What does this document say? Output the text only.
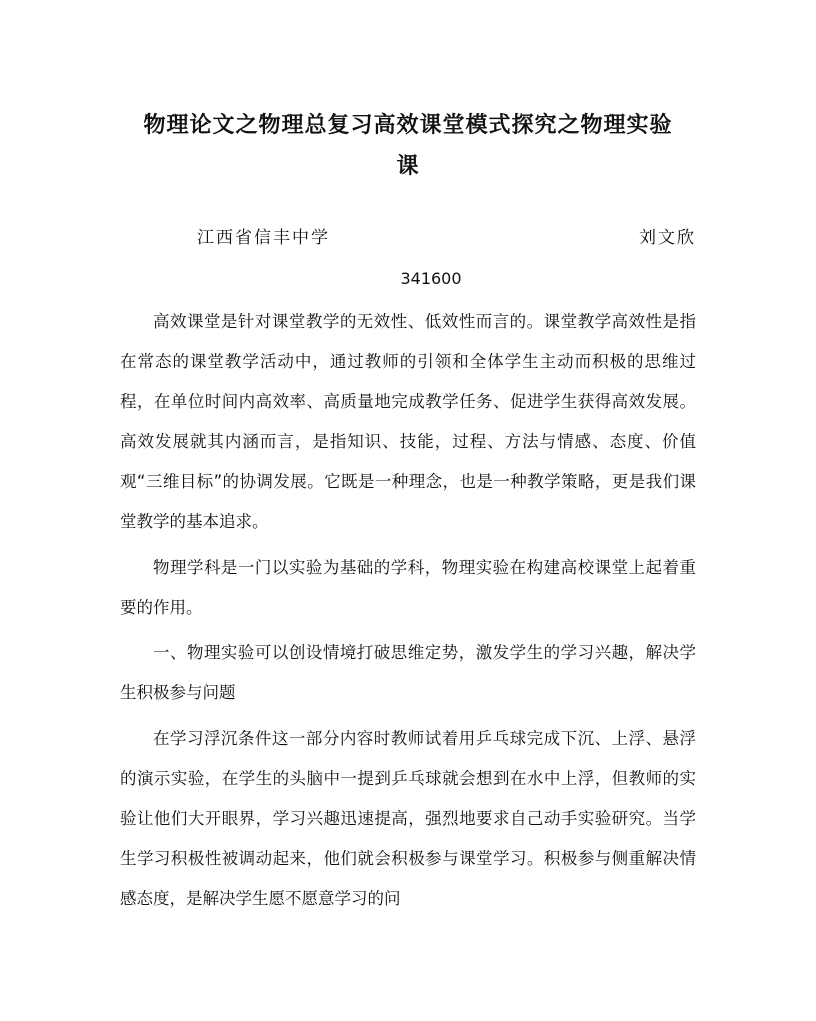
物理论文之物理总复习高效课堂模式探究之物理实验
课
江西省信丰中学	刘文欣
341600

高效课堂是针对课堂教学的无效性、低效性而言的。课堂教学高效性是指在常态的课堂教学活动中，通过教师的引领和全体学生主动而积极的思维过程，在单位时间内高效率、高质量地完成教学任务、促进学生获得高效发展。高效发展就其内涵而言，是指知识、技能，过程、方法与情感、态度、价值观“三维目标”的协调发展。它既是一种理念，也是一种教学策略，更是我们课堂教学的基本追求。

物理学科是一门以实验为基础的学科，物理实验在构建高校课堂上起着重要的作用。

一、物理实验可以创设情境打破思维定势，激发学生的学习兴趣，解决学生积极参与问题

在学习浮沉条件这一部分内容时教师试着用乒乓球完成下沉、上浮、悬浮的演示实验，在学生的头脑中一提到乒乓球就会想到在水中上浮，但教师的实验让他们大开眼界，学习兴趣迅速提高，强烈地要求自己动手实验研究。当学生学习积极性被调动起来，他们就会积极参与课堂学习。积极参与侧重解决情感态度，是解决学生愿不愿意学习的问
